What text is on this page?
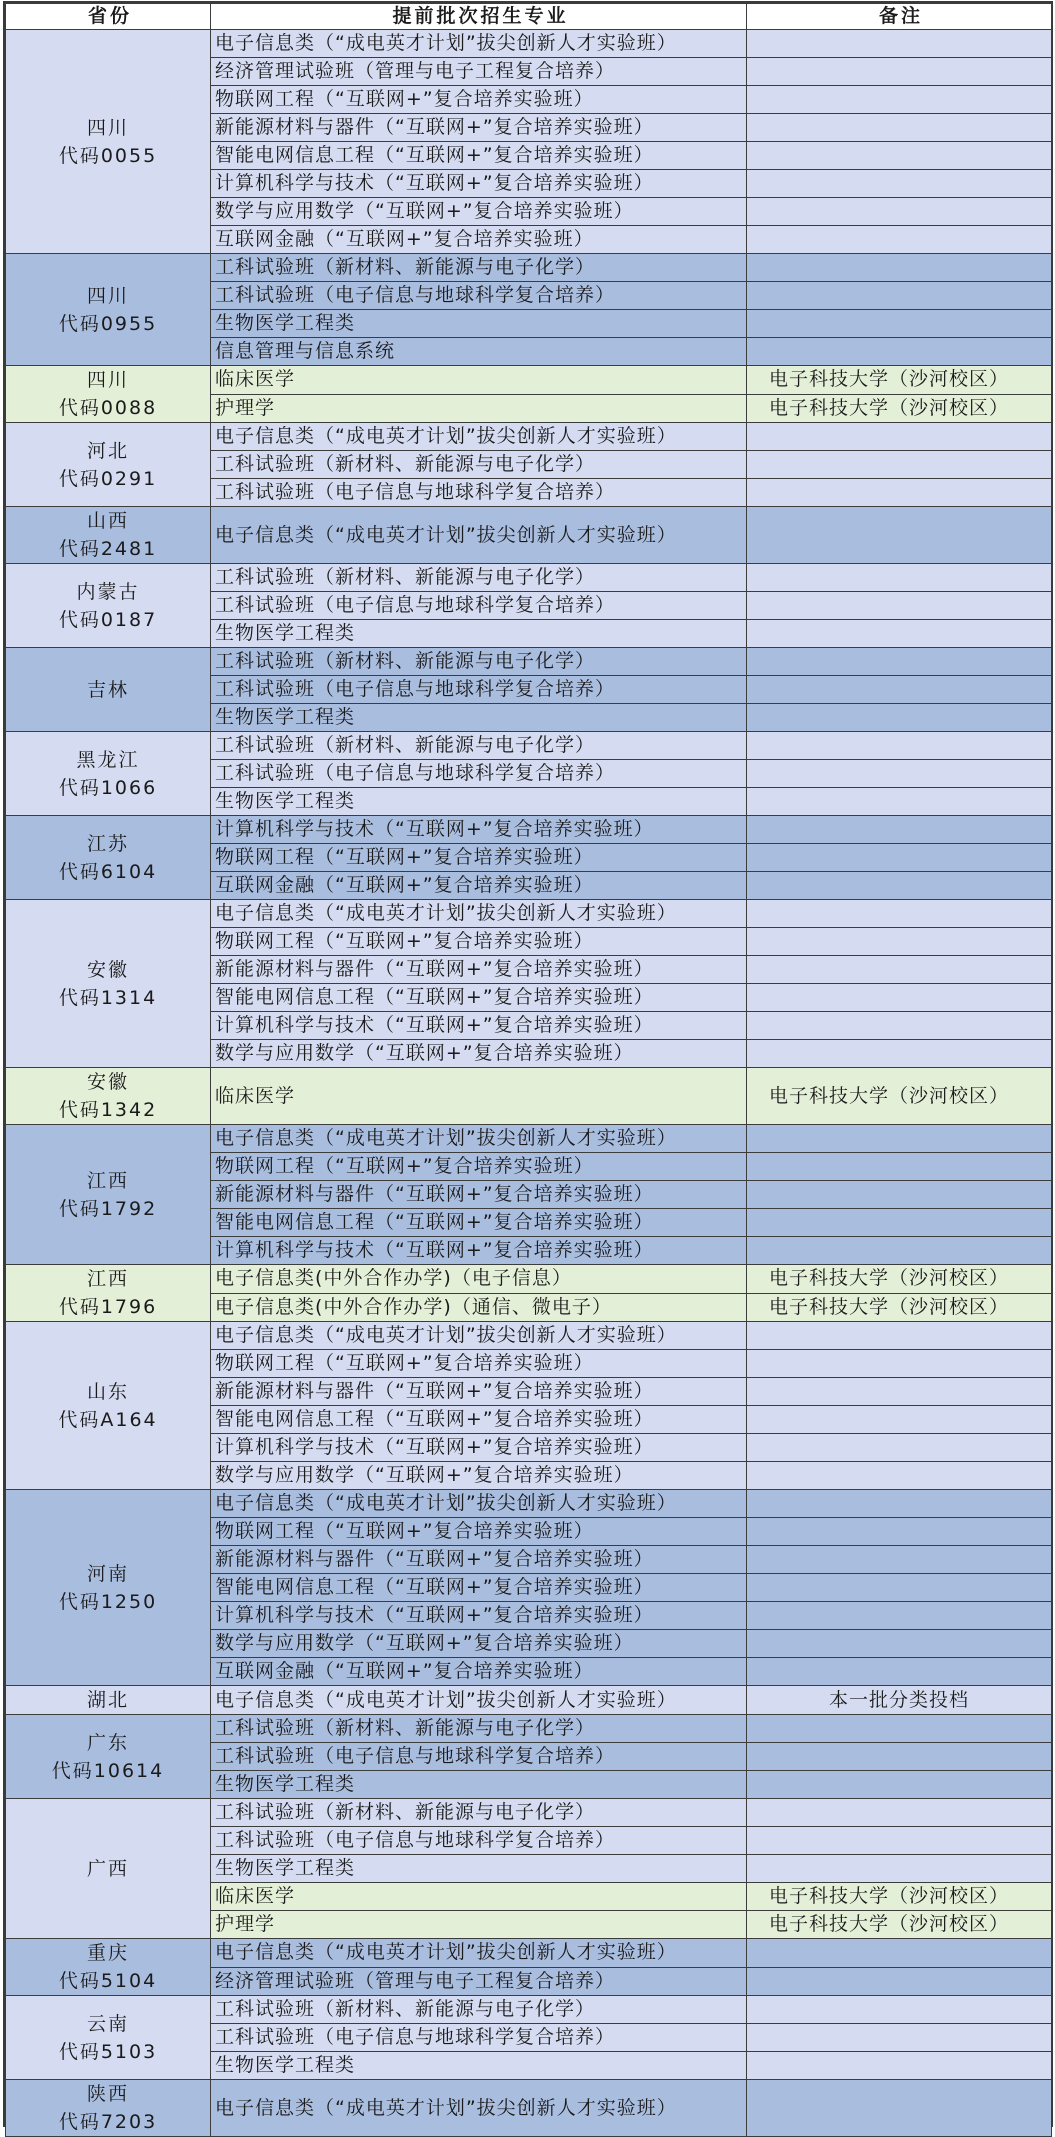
省份	提前批次招生专业	备注

四川
代码0055	电子信息类（“成电英才计划”拔尖创新人才实验班）	
	经济管理试验班（管理与电子工程复合培养）	
	物联网工程（“互联网+”复合培养实验班）	
	新能源材料与器件（“互联网+”复合培养实验班）	
	智能电网信息工程（“互联网+”复合培养实验班）	
	计算机科学与技术（“互联网+”复合培养实验班）	
	数学与应用数学（“互联网+”复合培养实验班）	
	互联网金融（“互联网+”复合培养实验班）	

四川
代码0955	工科试验班（新材料、新能源与电子化学）	
	工科试验班（电子信息与地球科学复合培养）	
	生物医学工程类	
	信息管理与信息系统	

四川
代码0088	临床医学	电子科技大学（沙河校区）
	护理学	电子科技大学（沙河校区）

河北
代码0291	电子信息类（“成电英才计划”拔尖创新人才实验班）	
	工科试验班（新材料、新能源与电子化学）	
	工科试验班（电子信息与地球科学复合培养）	

山西
代码2481	电子信息类（“成电英才计划”拔尖创新人才实验班）	

内蒙古
代码0187	工科试验班（新材料、新能源与电子化学）	
	工科试验班（电子信息与地球科学复合培养）	
	生物医学工程类	

吉林	工科试验班（新材料、新能源与电子化学）	
	工科试验班（电子信息与地球科学复合培养）	
	生物医学工程类	

黑龙江
代码1066	工科试验班（新材料、新能源与电子化学）	
	工科试验班（电子信息与地球科学复合培养）	
	生物医学工程类	

江苏
代码6104	计算机科学与技术（“互联网+”复合培养实验班）	
	物联网工程（“互联网+”复合培养实验班）	
	互联网金融（“互联网+”复合培养实验班）	

安徽
代码1314	电子信息类（“成电英才计划”拔尖创新人才实验班）	
	物联网工程（“互联网+”复合培养实验班）	
	新能源材料与器件（“互联网+”复合培养实验班）	
	智能电网信息工程（“互联网+”复合培养实验班）	
	计算机科学与技术（“互联网+”复合培养实验班）	
	数学与应用数学（“互联网+”复合培养实验班）	

安徽
代码1342	临床医学	电子科技大学（沙河校区）

江西
代码1792	电子信息类（“成电英才计划”拔尖创新人才实验班）	
	物联网工程（“互联网+”复合培养实验班）	
	新能源材料与器件（“互联网+”复合培养实验班）	
	智能电网信息工程（“互联网+”复合培养实验班）	
	计算机科学与技术（“互联网+”复合培养实验班）	

江西
代码1796	电子信息类(中外合作办学)（电子信息）	电子科技大学（沙河校区）
	电子信息类(中外合作办学)（通信、微电子）	电子科技大学（沙河校区）

山东
代码A164	电子信息类（“成电英才计划”拔尖创新人才实验班）	
	物联网工程（“互联网+”复合培养实验班）	
	新能源材料与器件（“互联网+”复合培养实验班）	
	智能电网信息工程（“互联网+”复合培养实验班）	
	计算机科学与技术（“互联网+”复合培养实验班）	
	数学与应用数学（“互联网+”复合培养实验班）	

河南
代码1250	电子信息类（“成电英才计划”拔尖创新人才实验班）	
	物联网工程（“互联网+”复合培养实验班）	
	新能源材料与器件（“互联网+”复合培养实验班）	
	智能电网信息工程（“互联网+”复合培养实验班）	
	计算机科学与技术（“互联网+”复合培养实验班）	
	数学与应用数学（“互联网+”复合培养实验班）	
	互联网金融（“互联网+”复合培养实验班）	

湖北	电子信息类（“成电英才计划”拔尖创新人才实验班）	本一批分类投档

广东
代码10614	工科试验班（新材料、新能源与电子化学）	
	工科试验班（电子信息与地球科学复合培养）	
	生物医学工程类	

广西	工科试验班（新材料、新能源与电子化学）	
	工科试验班（电子信息与地球科学复合培养）	
	生物医学工程类	
	临床医学	电子科技大学（沙河校区）
	护理学	电子科技大学（沙河校区）

重庆
代码5104	电子信息类（“成电英才计划”拔尖创新人才实验班）	
	经济管理试验班（管理与电子工程复合培养）	

云南
代码5103	工科试验班（新材料、新能源与电子化学）	
	工科试验班（电子信息与地球科学复合培养）	
	生物医学工程类	

陕西
代码7203	电子信息类（“成电英才计划”拔尖创新人才实验班）	
